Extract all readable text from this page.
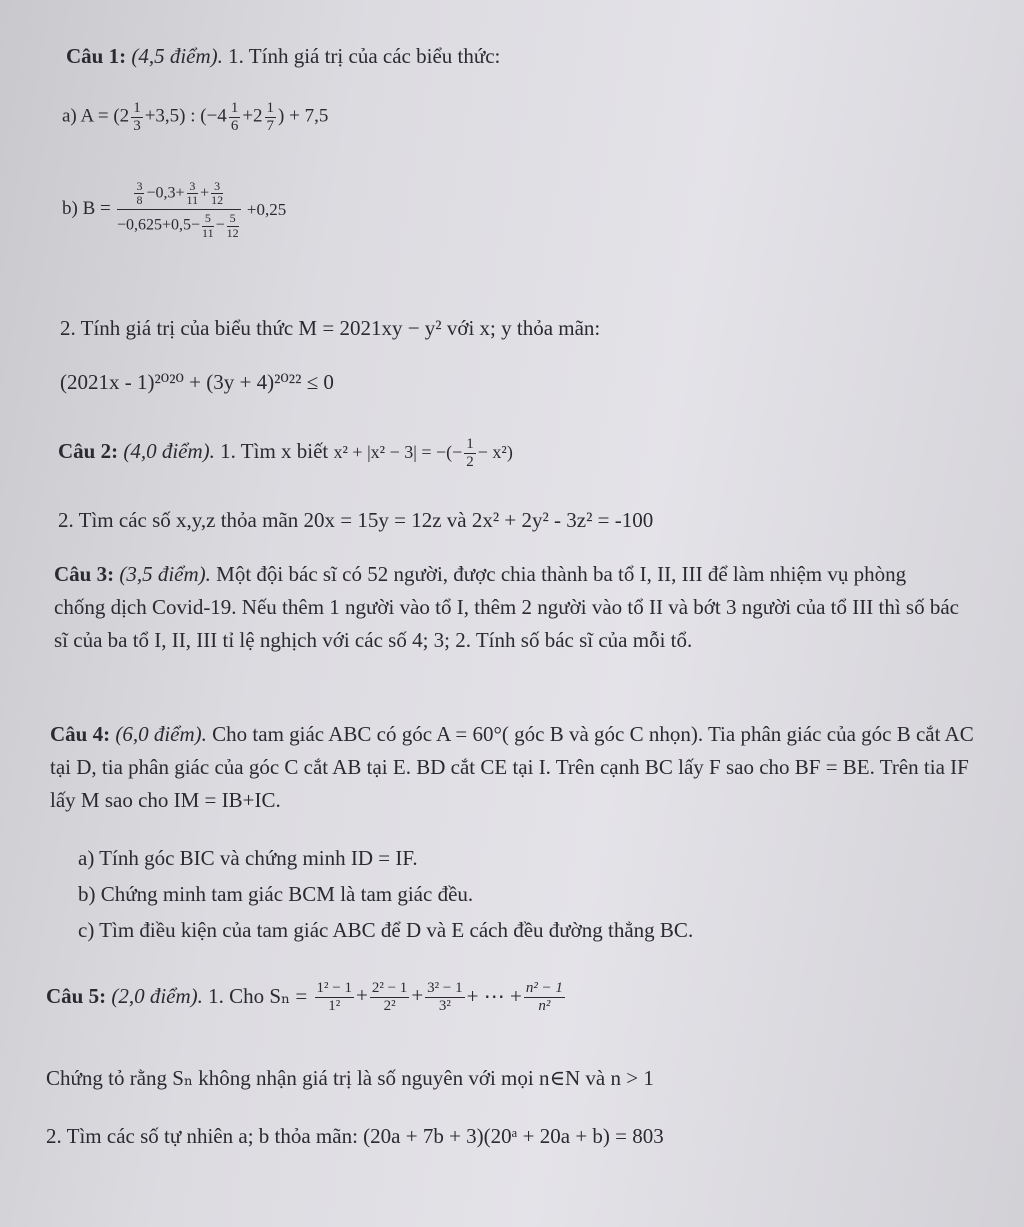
Câu 1: (4,5 điểm). 1. Tính giá trị của các biểu thức:
a) $A = (2 \frac{1}{3} +3,5)$ : ($-4 \frac{1}{6} +2 \frac{1}{7}$ ) + 7,5
b) $B = \frac{\frac{3}{8} -0,3+ \frac{3}{11} + \frac{3}{12}}{-0,625+0,5- \frac{5}{11} - \frac{5}{12}} +0,25$
2. Tính giá trị của biểu thức M = 2021xy − y² với x; y thỏa mãn:
(2021x - 1)²⁰²⁰ + (3y + 4)²⁰²² ≤ 0
Câu 2: (4,0 điểm). 1. Tìm x biết x² + |x² − 3| = −(− $\frac{1}{2} - x^2$)
2. Tìm các số x,y,z thỏa mãn 20x = 15y = 12z và 2x² + 2y² - 3z² = -100
Câu 3: (3,5 điểm). Một đội bác sĩ có 52 người, được chia thành ba tổ I, II, III để làm nhiệm vụ phòng chống dịch Covid-19. Nếu thêm 1 người vào tổ I, thêm 2 người vào tổ II và bớt 3 người của tổ III thì số bác sĩ của ba tổ I, II, III tỉ lệ nghịch với các số 4; 3; 2. Tính số bác sĩ của mỗi tổ.
Câu 4: (6,0 điểm). Cho tam giác ABC có góc A = 60°( góc B và góc C nhọn). Tia phân giác của góc B cắt AC tại D, tia phân giác của góc C cắt AB tại E. BD cắt CE tại I. Trên cạnh BC lấy F sao cho BF = BE. Trên tia IF lấy M sao cho IM = IB+IC.
a) Tính góc BIC và chứng minh ID = IF.
b) Chứng minh tam giác BCM là tam giác đều.
c) Tìm điều kiện của tam giác ABC để D và E cách đều đường thẳng BC.
Câu 5: (2,0 điểm). 1. Cho $S_n = \frac{\text{1² − 1}}{\text{1²}} + \frac{\text{2² − 1}}{\text{2²}} + \frac{\text{3² − 1}}{\text{3²}}$ + ⋯ + $\frac{\text{n² − 1}}{\text{n²}}$
Chứng tỏ rằng Sₙ không nhận giá trị là số nguyên với mọi n∈N và n > 1
2. Tìm các số tự nhiên a; b thỏa mãn: (20a + 7b + 3)(20ᵃ + 20a + b) = 803
